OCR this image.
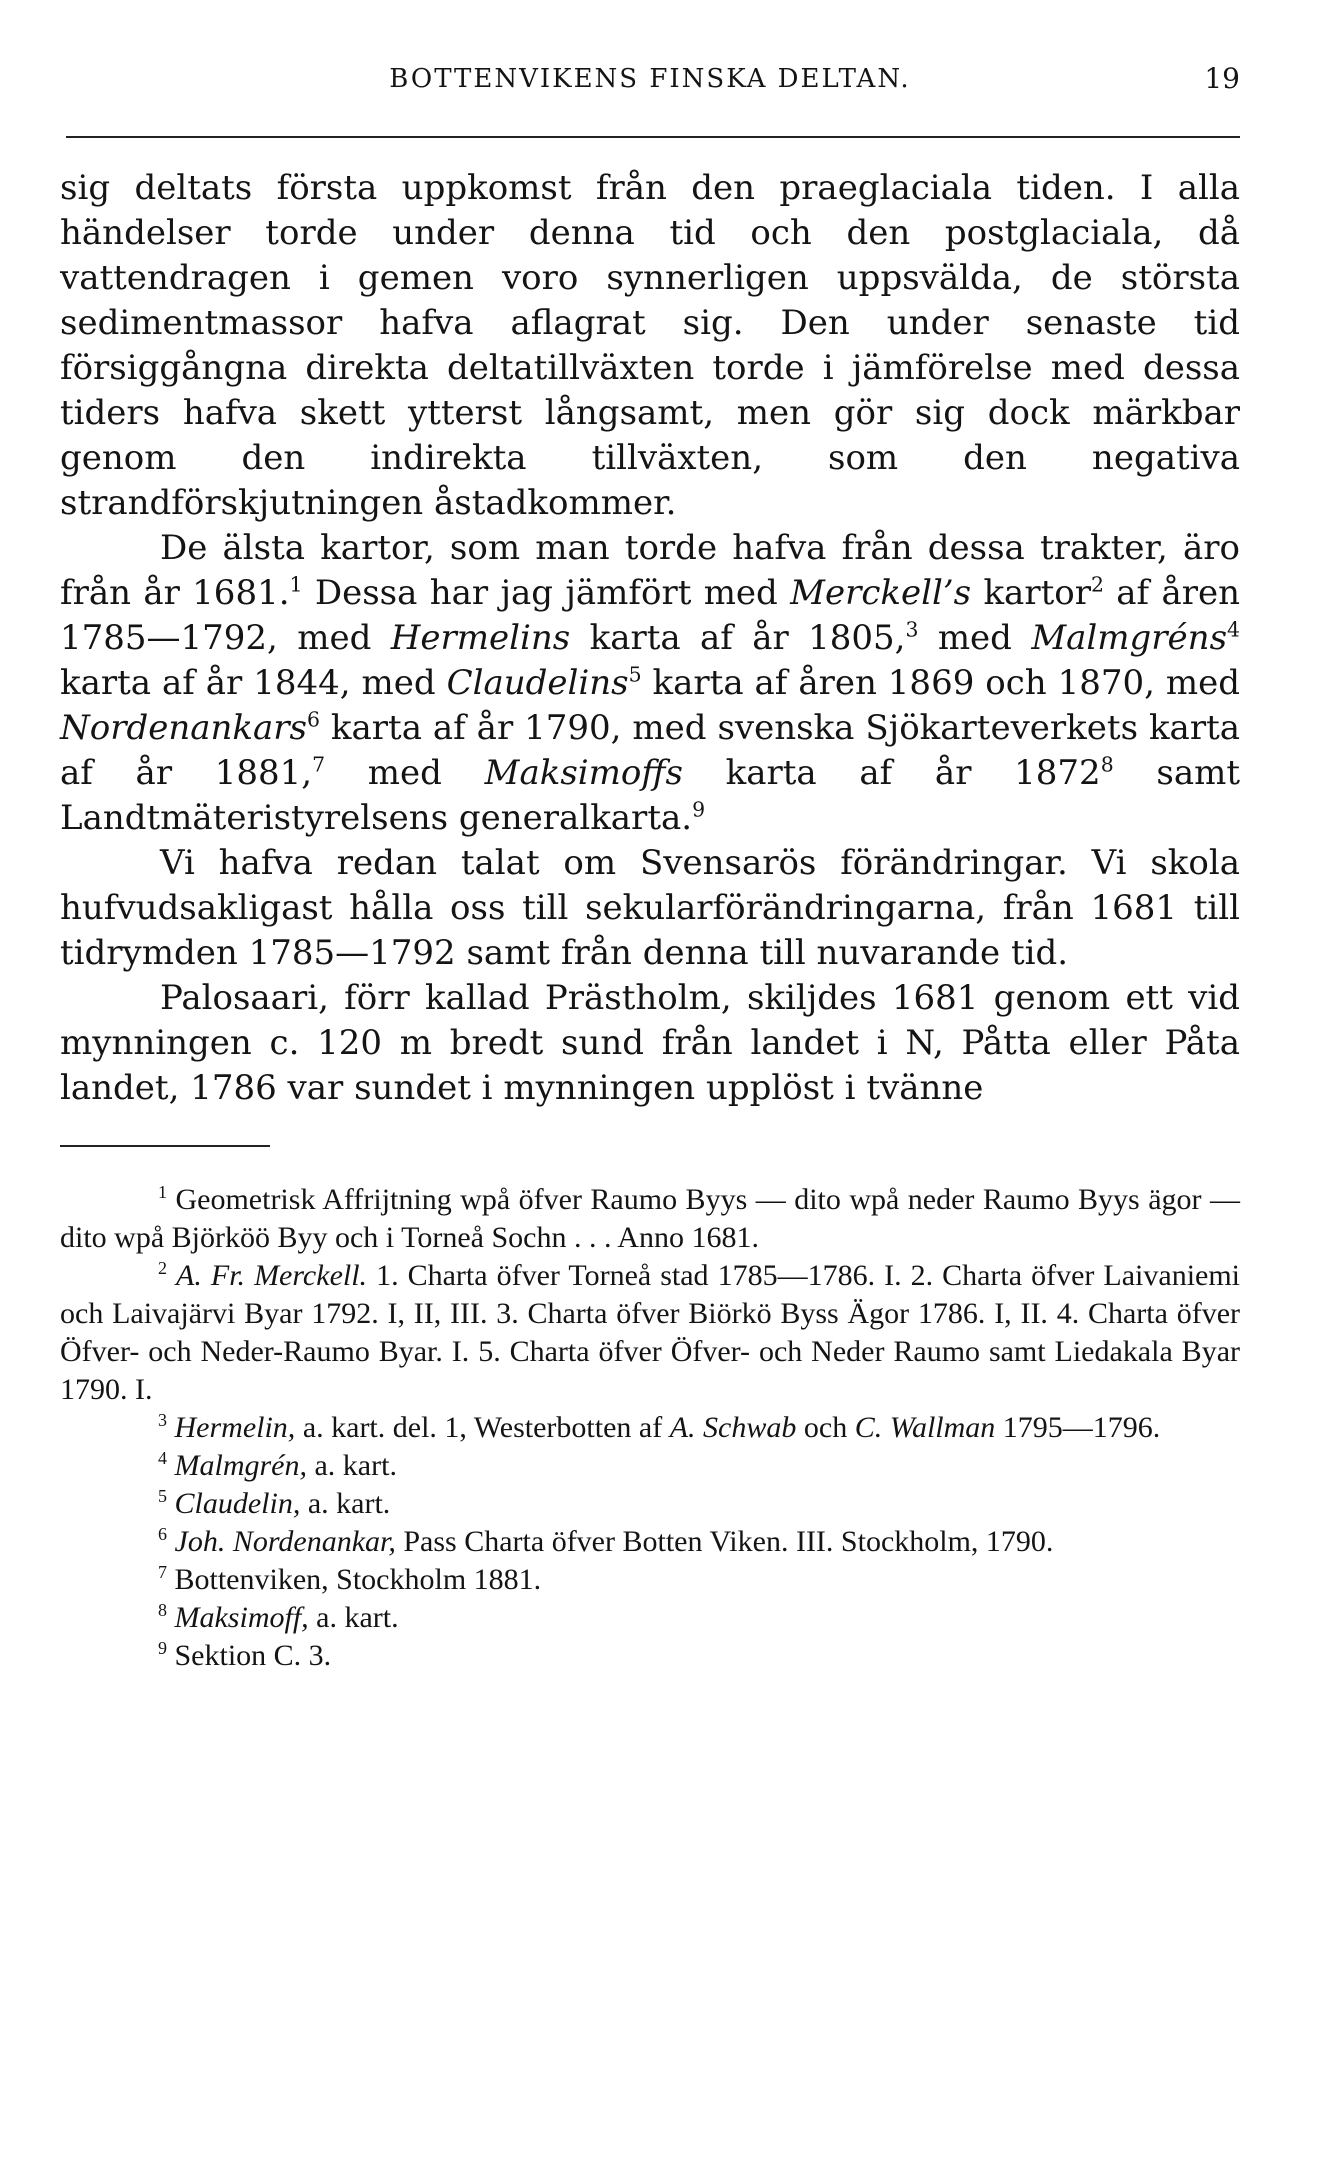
BOTTENVIKENS FINSKA DELTAN.	19

sig deltats första uppkomst från den praeglaciala tiden. I alla händelser torde under denna tid och den postglaciala, då vattendragen i gemen voro synnerligen uppsvälda, de största sedimentmassor hafva aflagrat sig. Den under senaste tid försiggångna direkta deltatillväxten torde i jämförelse med dessa tiders hafva skett ytterst långsamt, men gör sig dock märkbar genom den indirekta tillväxten, som den negativa strandförskjutningen åstadkommer.

De älsta kartor, som man torde hafva från dessa trakter, äro från år 1681.$^1$ Dessa har jag jämfört med Merckell’s kartor$^2$ af åren 1785—1792, med Hermelins karta af år 1805,$^3$ med Malmgréns$^4$ karta af år 1844, med Claudelins$^5$ karta af åren 1869 och 1870, med Nordenankars$^6$ karta af år 1790, med svenska Sjökarteverkets karta af år 1881,$^7$ med Maksimoffs karta af år 1872$^8$ samt Landtmäteristyrelsens generalkarta.$^9$

Vi hafva redan talat om Svensarös förändringar. Vi skola hufvudsakligast hålla oss till sekularförändringarna, från 1681 till tidrymden 1785—1792 samt från denna till nuvarande tid.

Palosaari, förr kallad Prästholm, skiljdes 1681 genom ett vid mynningen c. 120 m bredt sund från landet i N, Påtta eller Påta landet, 1786 var sundet i mynningen upplöst i tvänne

$^1$ Geometrisk Affrijtning wpå öfver Raumo Byys — dito wpå neder Raumo Byys ägor — dito wpå Björköö Byy och i Torneå Sochn . . . Anno 1681.

$^2$ A. Fr. Merckell. 1. Charta öfver Torneå stad 1785—1786. I. 2. Charta öfver Laivaniemi och Laivajärvi Byar 1792. I, II, III. 3. Charta öfver Biörkö Byss Ägor 1786. I, II. 4. Charta öfver Öfver- och Neder-Raumo Byar. I. 5. Charta öfver Öfver- och Neder Raumo samt Liedakala Byar 1790. I.

$^3$ Hermelin, a. kart. del. 1, Westerbotten af A. Schwab och C. Wallman 1795—1796.

$^4$ Malmgrén, a. kart.

$^5$ Claudelin, a. kart.

$^6$ Joh. Nordenankar, Pass Charta öfver Botten Viken. III. Stockholm, 1790.

$^7$ Bottenviken, Stockholm 1881.

$^8$ Maksimoff, a. kart.

$^9$ Sektion C. 3.
